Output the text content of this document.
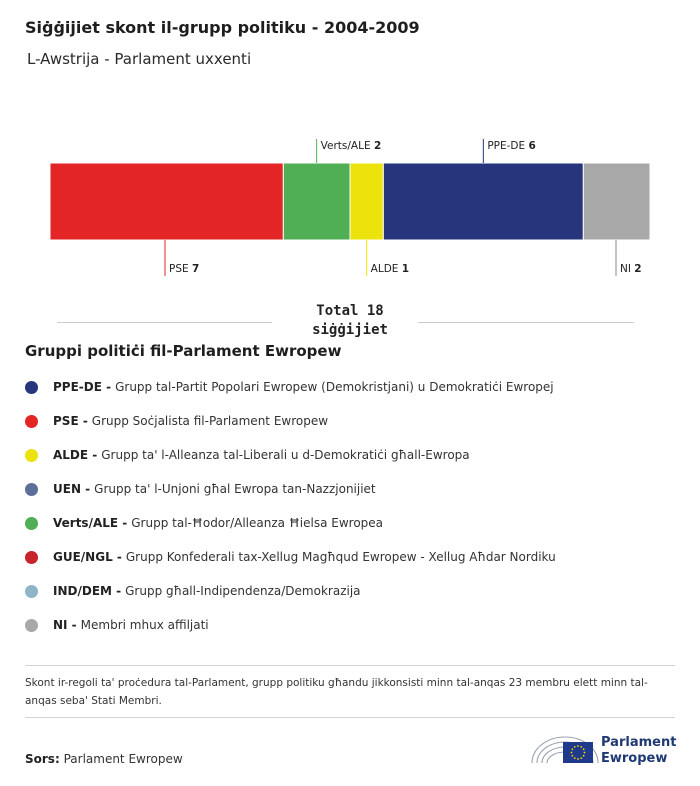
Siġġijiet skont il-grupp politiku - 2004-2009
L-Awstrija - Parlament uxxenti
PSE 7
Verts/ALE 2
ALDE 1
PPE-DE 6
NI 2
Total 18
siġġijiet
Gruppi politiċi fil-Parlament Ewropew
PPE-DE - Grupp tal-Partit Popolari Ewropew (Demokristjani) u Demokratiċi Ewropej
PSE - Grupp Soċjalista fil-Parlament Ewropew
ALDE - Grupp ta' l-Alleanza tal-Liberali u d-Demokratiċi għall-Ewropa
UEN - Grupp ta' l-Unjoni għal Ewropa tan-Nazzjonijiet
Verts/ALE - Grupp tal-Ħodor/Alleanza Ħielsa Ewropea
GUE/NGL - Grupp Konfederali tax-Xellug Magħqud Ewropew - Xellug Aħdar Nordiku
IND/DEM - Grupp għall-Indipendenza/Demokrazija
NI - Membri mhux affiljati
Skont ir-regoli ta' proċedura tal-Parlament, grupp politiku għandu jikkonsisti minn tal-anqas 23 membru elett minn tal-anqas seba' Stati Membri.
Sors: Parlament Ewropew
Parlament
Ewropew
